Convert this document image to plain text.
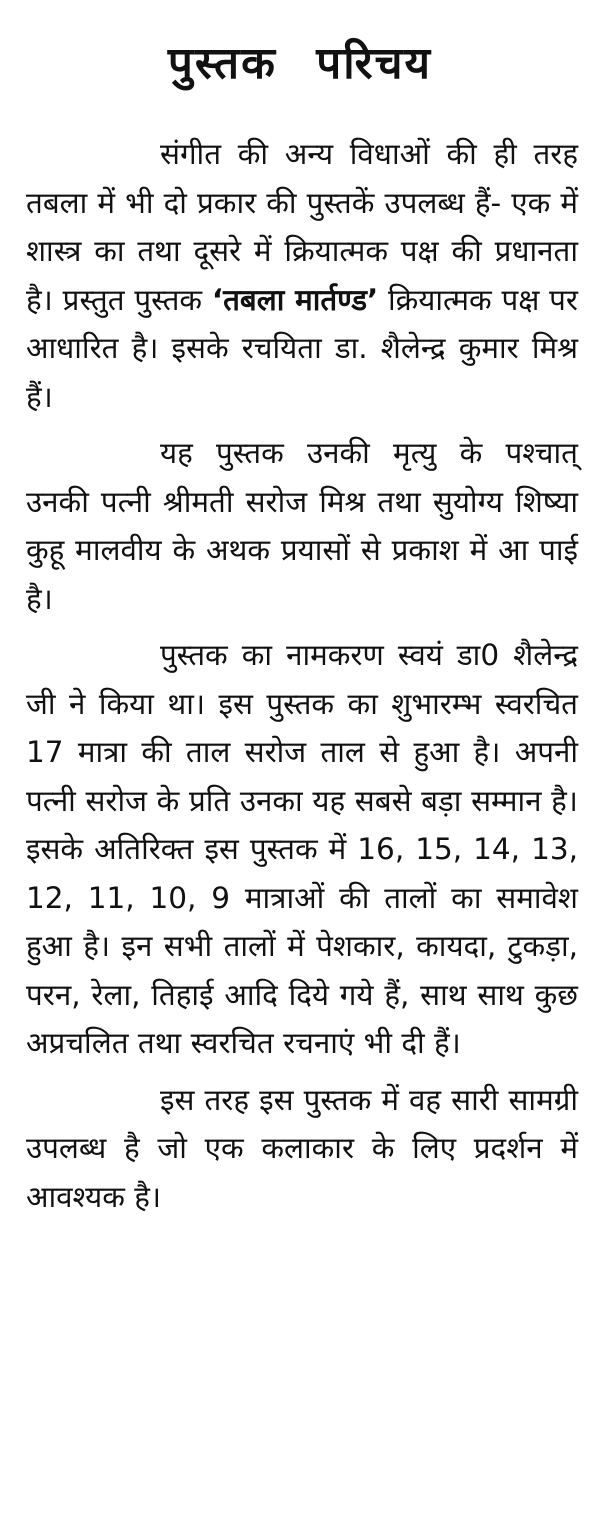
पुस्तक परिचय

संगीत की अन्य विधाओं की ही तरह तबला में भी दो प्रकार की पुस्तकें उपलब्ध हैं- एक में शास्त्र का तथा दूसरे में क्रियात्मक पक्ष की प्रधानता है। प्रस्तुत पुस्तक ‘तबला मार्तण्ड’ क्रियात्मक पक्ष पर आधारित है। इसके रचयिता डा. शैलेन्द्र कुमार मिश्र हैं।

यह पुस्तक उनकी मृत्यु के पश्चात् उनकी पत्नी श्रीमती सरोज मिश्र तथा सुयोग्य शिष्या कुहू मालवीय के अथक प्रयासों से प्रकाश में आ पाई है।

पुस्तक का नामकरण स्वयं डा0 शैलेन्द्र जी ने किया था। इस पुस्तक का शुभारम्भ स्वरचित 17 मात्रा की ताल सरोज ताल से हुआ है। अपनी पत्नी सरोज के प्रति उनका यह सबसे बड़ा सम्मान है। इसके अतिरिक्त इस पुस्तक में 16, 15, 14, 13, 12, 11, 10, 9 मात्राओं की तालों का समावेश हुआ है। इन सभी तालों में पेशकार, कायदा, टुकड़ा, परन, रेला, तिहाई आदि दिये गये हैं, साथ साथ कुछ अप्रचलित तथा स्वरचित रचनाएं भी दी हैं।

इस तरह इस पुस्तक में वह सारी सामग्री उपलब्ध है जो एक कलाकार के लिए प्रदर्शन में आवश्यक है।
